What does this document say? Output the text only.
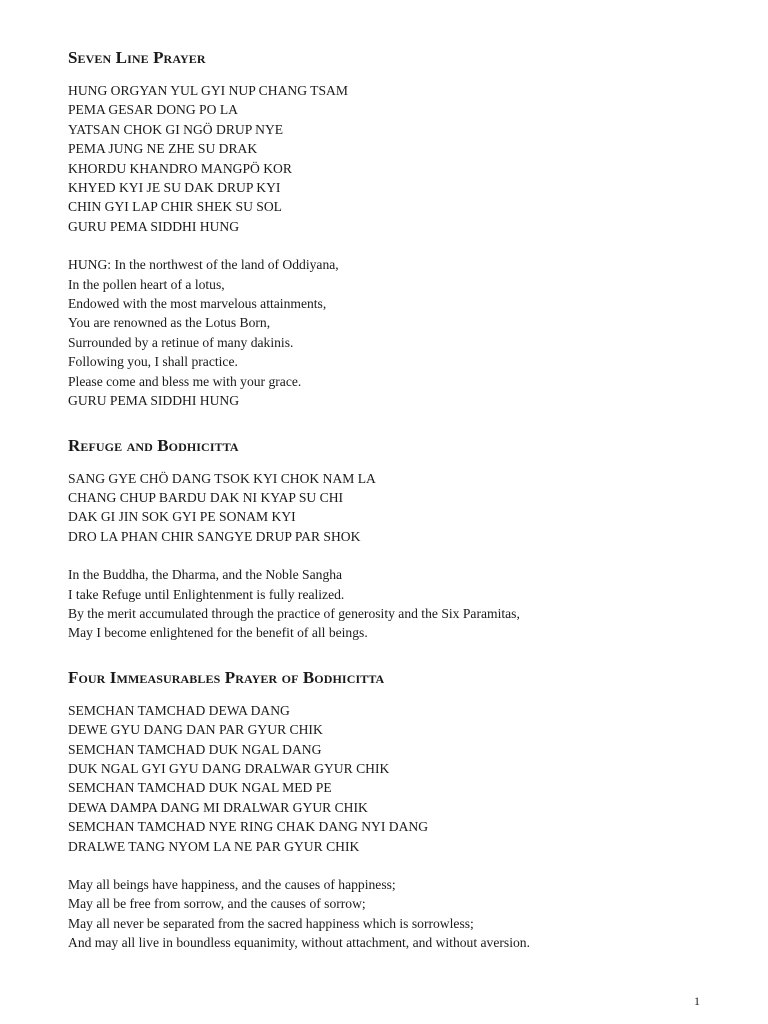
Seven Line Prayer
HUNG ORGYAN YUL GYI NUP CHANG TSAM
PEMA GESAR DONG PO LA
YATSAN CHOK GI NGÖ DRUP NYE
PEMA JUNG NE ZHE SU DRAK
KHORDU KHANDRO MANGPÖ KOR
KHYED KYI JE SU DAK DRUP KYI
CHIN GYI LAP CHIR SHEK SU SOL
GURU PEMA SIDDHI HUNG
HUNG: In the northwest of the land of Oddiyana,
In the pollen heart of a lotus,
Endowed with the most marvelous attainments,
You are renowned as the Lotus Born,
Surrounded by a retinue of many dakinis.
Following you, I shall practice.
Please come and bless me with your grace.
GURU PEMA SIDDHI HUNG
Refuge and Bodhicitta
SANG GYE CHÖ DANG TSOK KYI CHOK NAM LA
CHANG CHUP BARDU DAK NI KYAP SU CHI
DAK GI JIN SOK GYI PE SONAM KYI
DRO LA PHAN CHIR SANGYE DRUP PAR SHOK
In the Buddha, the Dharma, and the Noble Sangha
I take Refuge until Enlightenment is fully realized.
By the merit accumulated through the practice of generosity and the Six Paramitas,
May I become enlightened for the benefit of all beings.
Four Immeasurables Prayer of Bodhicitta
SEMCHAN TAMCHAD DEWA DANG
DEWE GYU DANG DAN PAR GYUR CHIK
SEMCHAN TAMCHAD DUK NGAL DANG
DUK NGAL GYI GYU DANG DRALWAR GYUR CHIK
SEMCHAN TAMCHAD DUK NGAL MED PE
DEWA DAMPA DANG MI DRALWAR GYUR CHIK
SEMCHAN TAMCHAD NYE RING CHAK DANG NYI DANG
DRALWE TANG NYOM LA NE PAR GYUR CHIK
May all beings have happiness, and the causes of happiness;
May all be free from sorrow, and the causes of sorrow;
May all never be separated from the sacred happiness which is sorrowless;
And may all live in boundless equanimity, without attachment, and without aversion.
1
